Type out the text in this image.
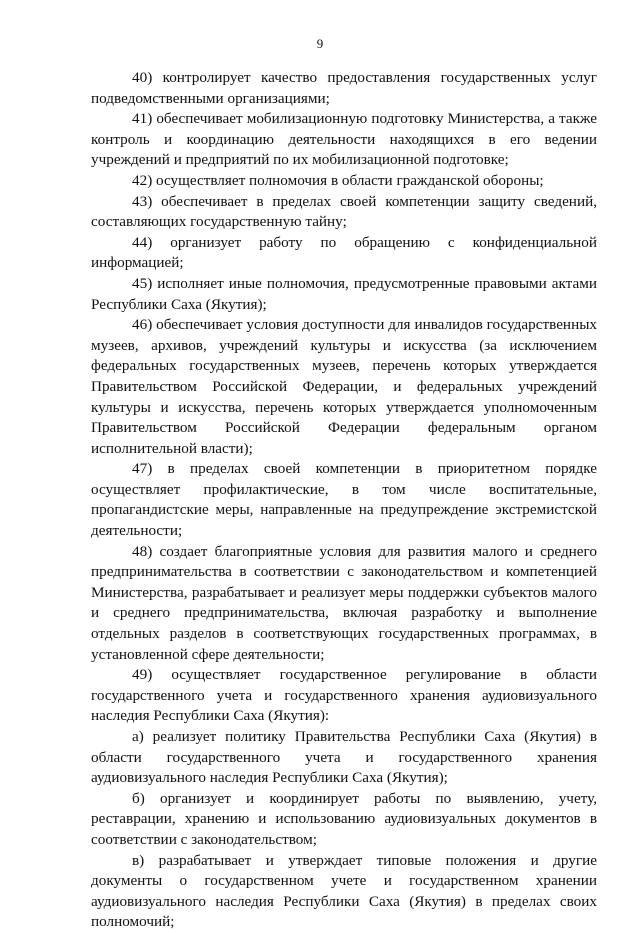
9

40) контролирует качество предоставления государственных услуг подведомственными организациями;

41) обеспечивает мобилизационную подготовку Министерства, а также контроль и координацию деятельности находящихся в его ведении учреждений и предприятий по их мобилизационной подготовке;

42) осуществляет полномочия в области гражданской обороны;

43) обеспечивает в пределах своей компетенции защиту сведений, составляющих государственную тайну;

44) организует работу по обращению с конфиденциальной информацией;

45) исполняет иные полномочия, предусмотренные правовыми актами Республики Саха (Якутия);

46) обеспечивает условия доступности для инвалидов государственных музеев, архивов, учреждений культуры и искусства (за исключением федеральных государственных музеев, перечень которых утверждается Правительством Российской Федерации, и федеральных учреждений культуры и искусства, перечень которых утверждается уполномоченным Правительством Российской Федерации федеральным органом исполнительной власти);

47) в пределах своей компетенции в приоритетном порядке осуществляет профилактические, в том числе воспитательные, пропагандистские меры, направленные на предупреждение экстремистской деятельности;

48) создает благоприятные условия для развития малого и среднего предпринимательства в соответствии с законодательством и компетенцией Министерства, разрабатывает и реализует меры поддержки субъектов малого и среднего предпринимательства, включая разработку и выполнение отдельных разделов в соответствующих государственных программах, в установленной сфере деятельности;

49) осуществляет государственное регулирование в области государственного учета и государственного хранения аудиовизуального наследия Республики Саха (Якутия):

а) реализует политику Правительства Республики Саха (Якутия) в области государственного учета и государственного хранения аудиовизуального наследия Республики Саха (Якутия);

б) организует и координирует работы по выявлению, учету, реставрации, хранению и использованию аудиовизуальных документов в соответствии с законодательством;

в) разрабатывает и утверждает типовые положения и другие документы о государственном учете и государственном хранении аудиовизуального наследия Республики Саха (Якутия) в пределах своих полномочий;
